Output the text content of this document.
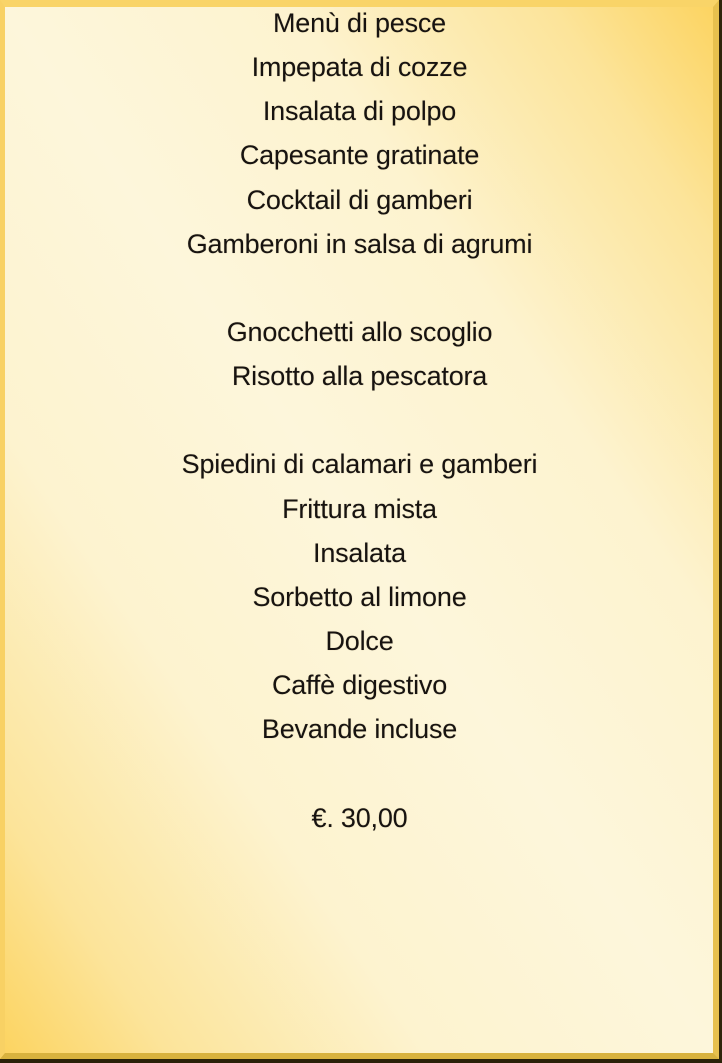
Menù di pesce
Impepata di cozze
Insalata di polpo
Capesante gratinate
Cocktail di gamberi
Gamberoni in salsa di agrumi

Gnocchetti allo scoglio
Risotto alla pescatora

Spiedini di calamari e gamberi
Frittura mista
Insalata
Sorbetto al limone
Dolce
Caffè digestivo
Bevande incluse

€. 30,00
